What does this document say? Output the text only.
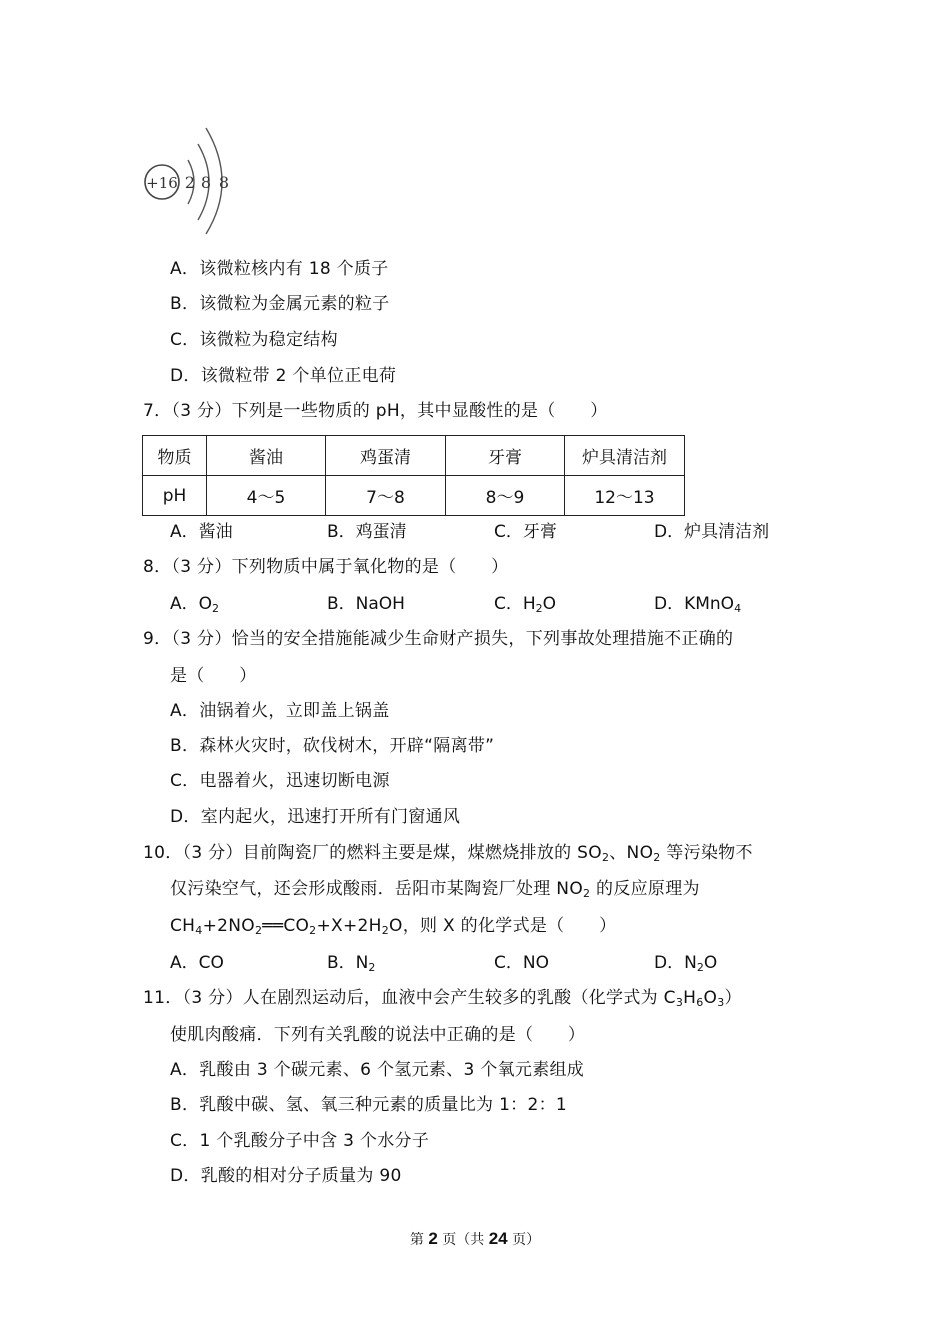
+16 2 8 8
A．该微粒核内有 18 个质子
B．该微粒为金属元素的粒子
C．该微粒为稳定结构
D．该微粒带 2 个单位正电荷
7．（3 分）下列是一些物质的 pH，其中显酸性的是（　　）
物质	酱油	鸡蛋清	牙膏	炉具清洁剂
pH	4～5	7～8	8～9	12～13
A．酱油	B．鸡蛋清	C．牙膏	D．炉具清洁剂
8．（3 分）下列物质中属于氧化物的是（　　）
A．$O_2$	B．NaOH	C．$H_2O$	D．KMnO$_4$
9．（3 分）恰当的安全措施能减少生命财产损失，下列事故处理措施不正确的
是（　　）
A．油锅着火，立即盖上锅盖
B．森林火灾时，砍伐树木，开辟“隔离带”
C．电器着火，迅速切断电源
D．室内起火，迅速打开所有门窗通风
10．（3 分）目前陶瓷厂的燃料主要是煤，煤燃烧排放的 $SO_2$、$NO_2$ 等污染物不
仅污染空气，还会形成酸雨．岳阳市某陶瓷厂处理 $NO_2$ 的反应原理为
$CH_4+2NO_2══CO_2+X+2H_2O$，则 X 的化学式是（　　）
A．CO	B．$N_2$	C．NO	D．$N_2O$
11．（3 分）人在剧烈运动后，血液中会产生较多的乳酸（化学式为 $C_3H_6O_3$）
使肌肉酸痛．下列有关乳酸的说法中正确的是（　　）
A．乳酸由 3 个碳元素、6 个氢元素、3 个氧元素组成
B．乳酸中碳、氢、氧三种元素的质量比为 1：2：1
C．1 个乳酸分子中含 3 个水分子
D．乳酸的相对分子质量为 90
第 2 页（共 24 页）
